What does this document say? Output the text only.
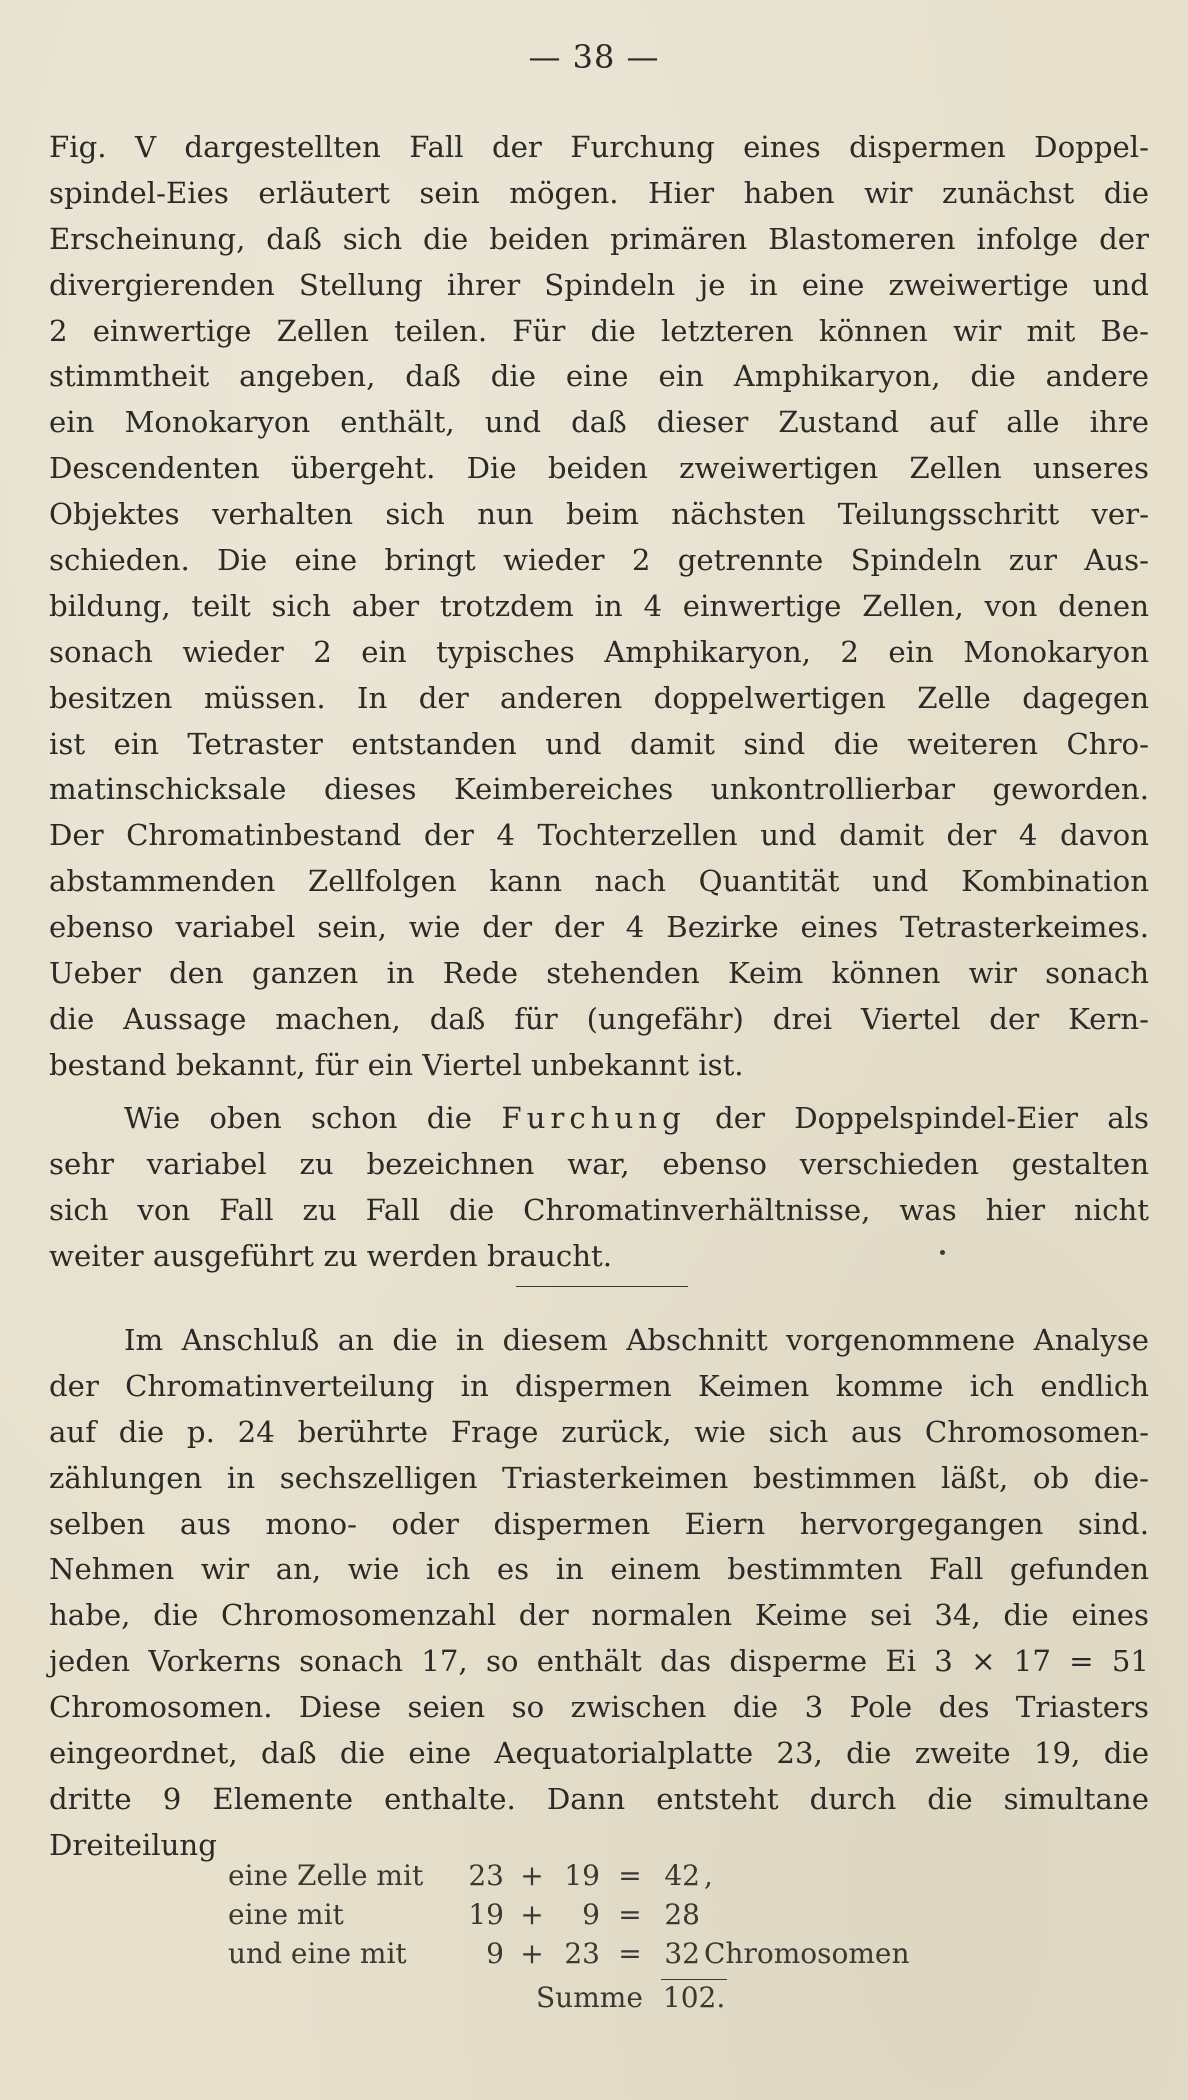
— 38 —
Fig. V dargestellten Fall der Furchung eines dispermen Doppel-
spindel-Eies erläutert sein mögen. Hier haben wir zunächst die
Erscheinung, daß sich die beiden primären Blastomeren infolge der
divergierenden Stellung ihrer Spindeln je in eine zweiwertige und
2 einwertige Zellen teilen. Für die letzteren können wir mit Be-
stimmtheit angeben, daß die eine ein Amphikaryon, die andere
ein Monokaryon enthält, und daß dieser Zustand auf alle ihre
Descendenten übergeht. Die beiden zweiwertigen Zellen unseres
Objektes verhalten sich nun beim nächsten Teilungsschritt ver-
schieden. Die eine bringt wieder 2 getrennte Spindeln zur Aus-
bildung, teilt sich aber trotzdem in 4 einwertige Zellen, von denen
sonach wieder 2 ein typisches Amphikaryon, 2 ein Monokaryon
besitzen müssen. In der anderen doppelwertigen Zelle dagegen
ist ein Tetraster entstanden und damit sind die weiteren Chro-
matinschicksale dieses Keimbereiches unkontrollierbar geworden.
Der Chromatinbestand der 4 Tochterzellen und damit der 4 davon
abstammenden Zellfolgen kann nach Quantität und Kombination
ebenso variabel sein, wie der der 4 Bezirke eines Tetrasterkeimes.
Ueber den ganzen in Rede stehenden Keim können wir sonach
die Aussage machen, daß für (ungefähr) drei Viertel der Kern-
bestand bekannt, für ein Viertel unbekannt ist.
Wie oben schon die Furchung der Doppelspindel-Eier als
sehr variabel zu bezeichnen war, ebenso verschieden gestalten
sich von Fall zu Fall die Chromatinverhältnisse, was hier nicht
weiter ausgeführt zu werden braucht.
Im Anschluß an die in diesem Abschnitt vorgenommene Analyse
der Chromatinverteilung in dispermen Keimen komme ich endlich
auf die p. 24 berührte Frage zurück, wie sich aus Chromosomen-
zählungen in sechszelligen Triasterkeimen bestimmen läßt, ob die-
selben aus mono- oder dispermen Eiern hervorgegangen sind.
Nehmen wir an, wie ich es in einem bestimmten Fall gefunden
habe, die Chromosomenzahl der normalen Keime sei 34, die eines
jeden Vorkerns sonach 17, so enthält das disperme Ei 3 × 17 = 51
Chromosomen. Diese seien so zwischen die 3 Pole des Triasters
eingeordnet, daß die eine Aequatorialplatte 23, die zweite 19, die
dritte 9 Elemente enthalte. Dann entsteht durch die simultane
Dreiteilung
eine Zelle mit	23 + 19 = 42 ,
eine mit	19 +	9 = 28
und eine mit	9 + 23 = 32 Chromosomen
Summe 102.
